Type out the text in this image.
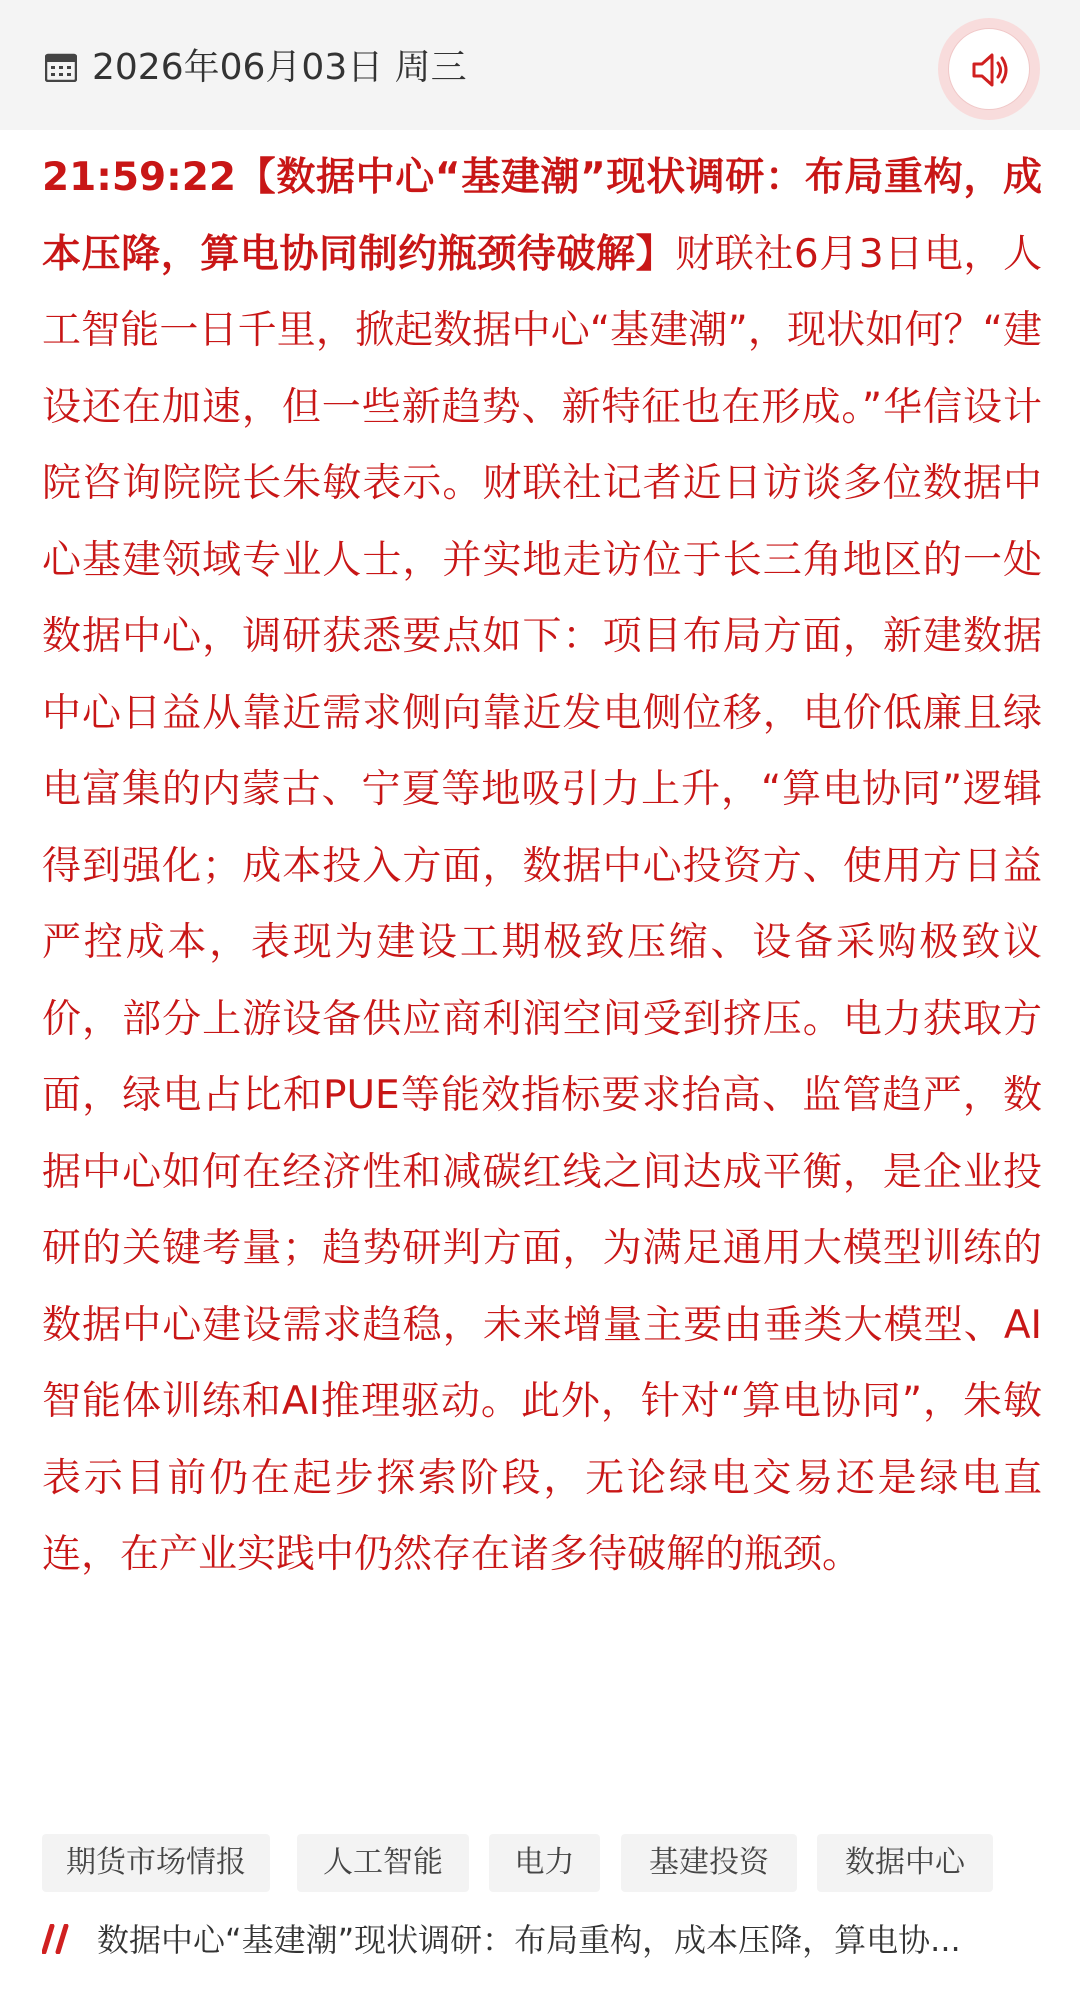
2026年06月03日 周三
21:59:22【数据中心“基建潮”现状调研：布局重构，成本压降，算电协同制约瓶颈待破解】财联社6月3日电，人工智能一日千里，掀起数据中心“基建潮”，现状如何？“建设还在加速，但一些新趋势、新特征也在形成。”华信设计院咨询院院长朱敏表示。财联社记者近日访谈多位数据中心基建领域专业人士，并实地走访位于长三角地区的一处数据中心，调研获悉要点如下：项目布局方面，新建数据中心日益从靠近需求侧向靠近发电侧位移，电价低廉且绿电富集的内蒙古、宁夏等地吸引力上升，“算电协同”逻辑得到强化；成本投入方面，数据中心投资方、使用方日益严控成本，表现为建设工期极致压缩、设备采购极致议价，部分上游设备供应商利润空间受到挤压。电力获取方面，绿电占比和PUE等能效指标要求抬高、监管趋严，数据中心如何在经济性和减碳红线之间达成平衡，是企业投研的关键考量；趋势研判方面，为满足通用大模型训练的数据中心建设需求趋稳，未来增量主要由垂类大模型、AI智能体训练和AI推理驱动。此外，针对“算电协同”，朱敏表示目前仍在起步探索阶段，无论绿电交易还是绿电直连，在产业实践中仍然存在诸多待破解的瓶颈。
期货市场情报	人工智能	电力	基建投资	数据中心
数据中心“基建潮”现状调研：布局重构，成本压降，算电协...
